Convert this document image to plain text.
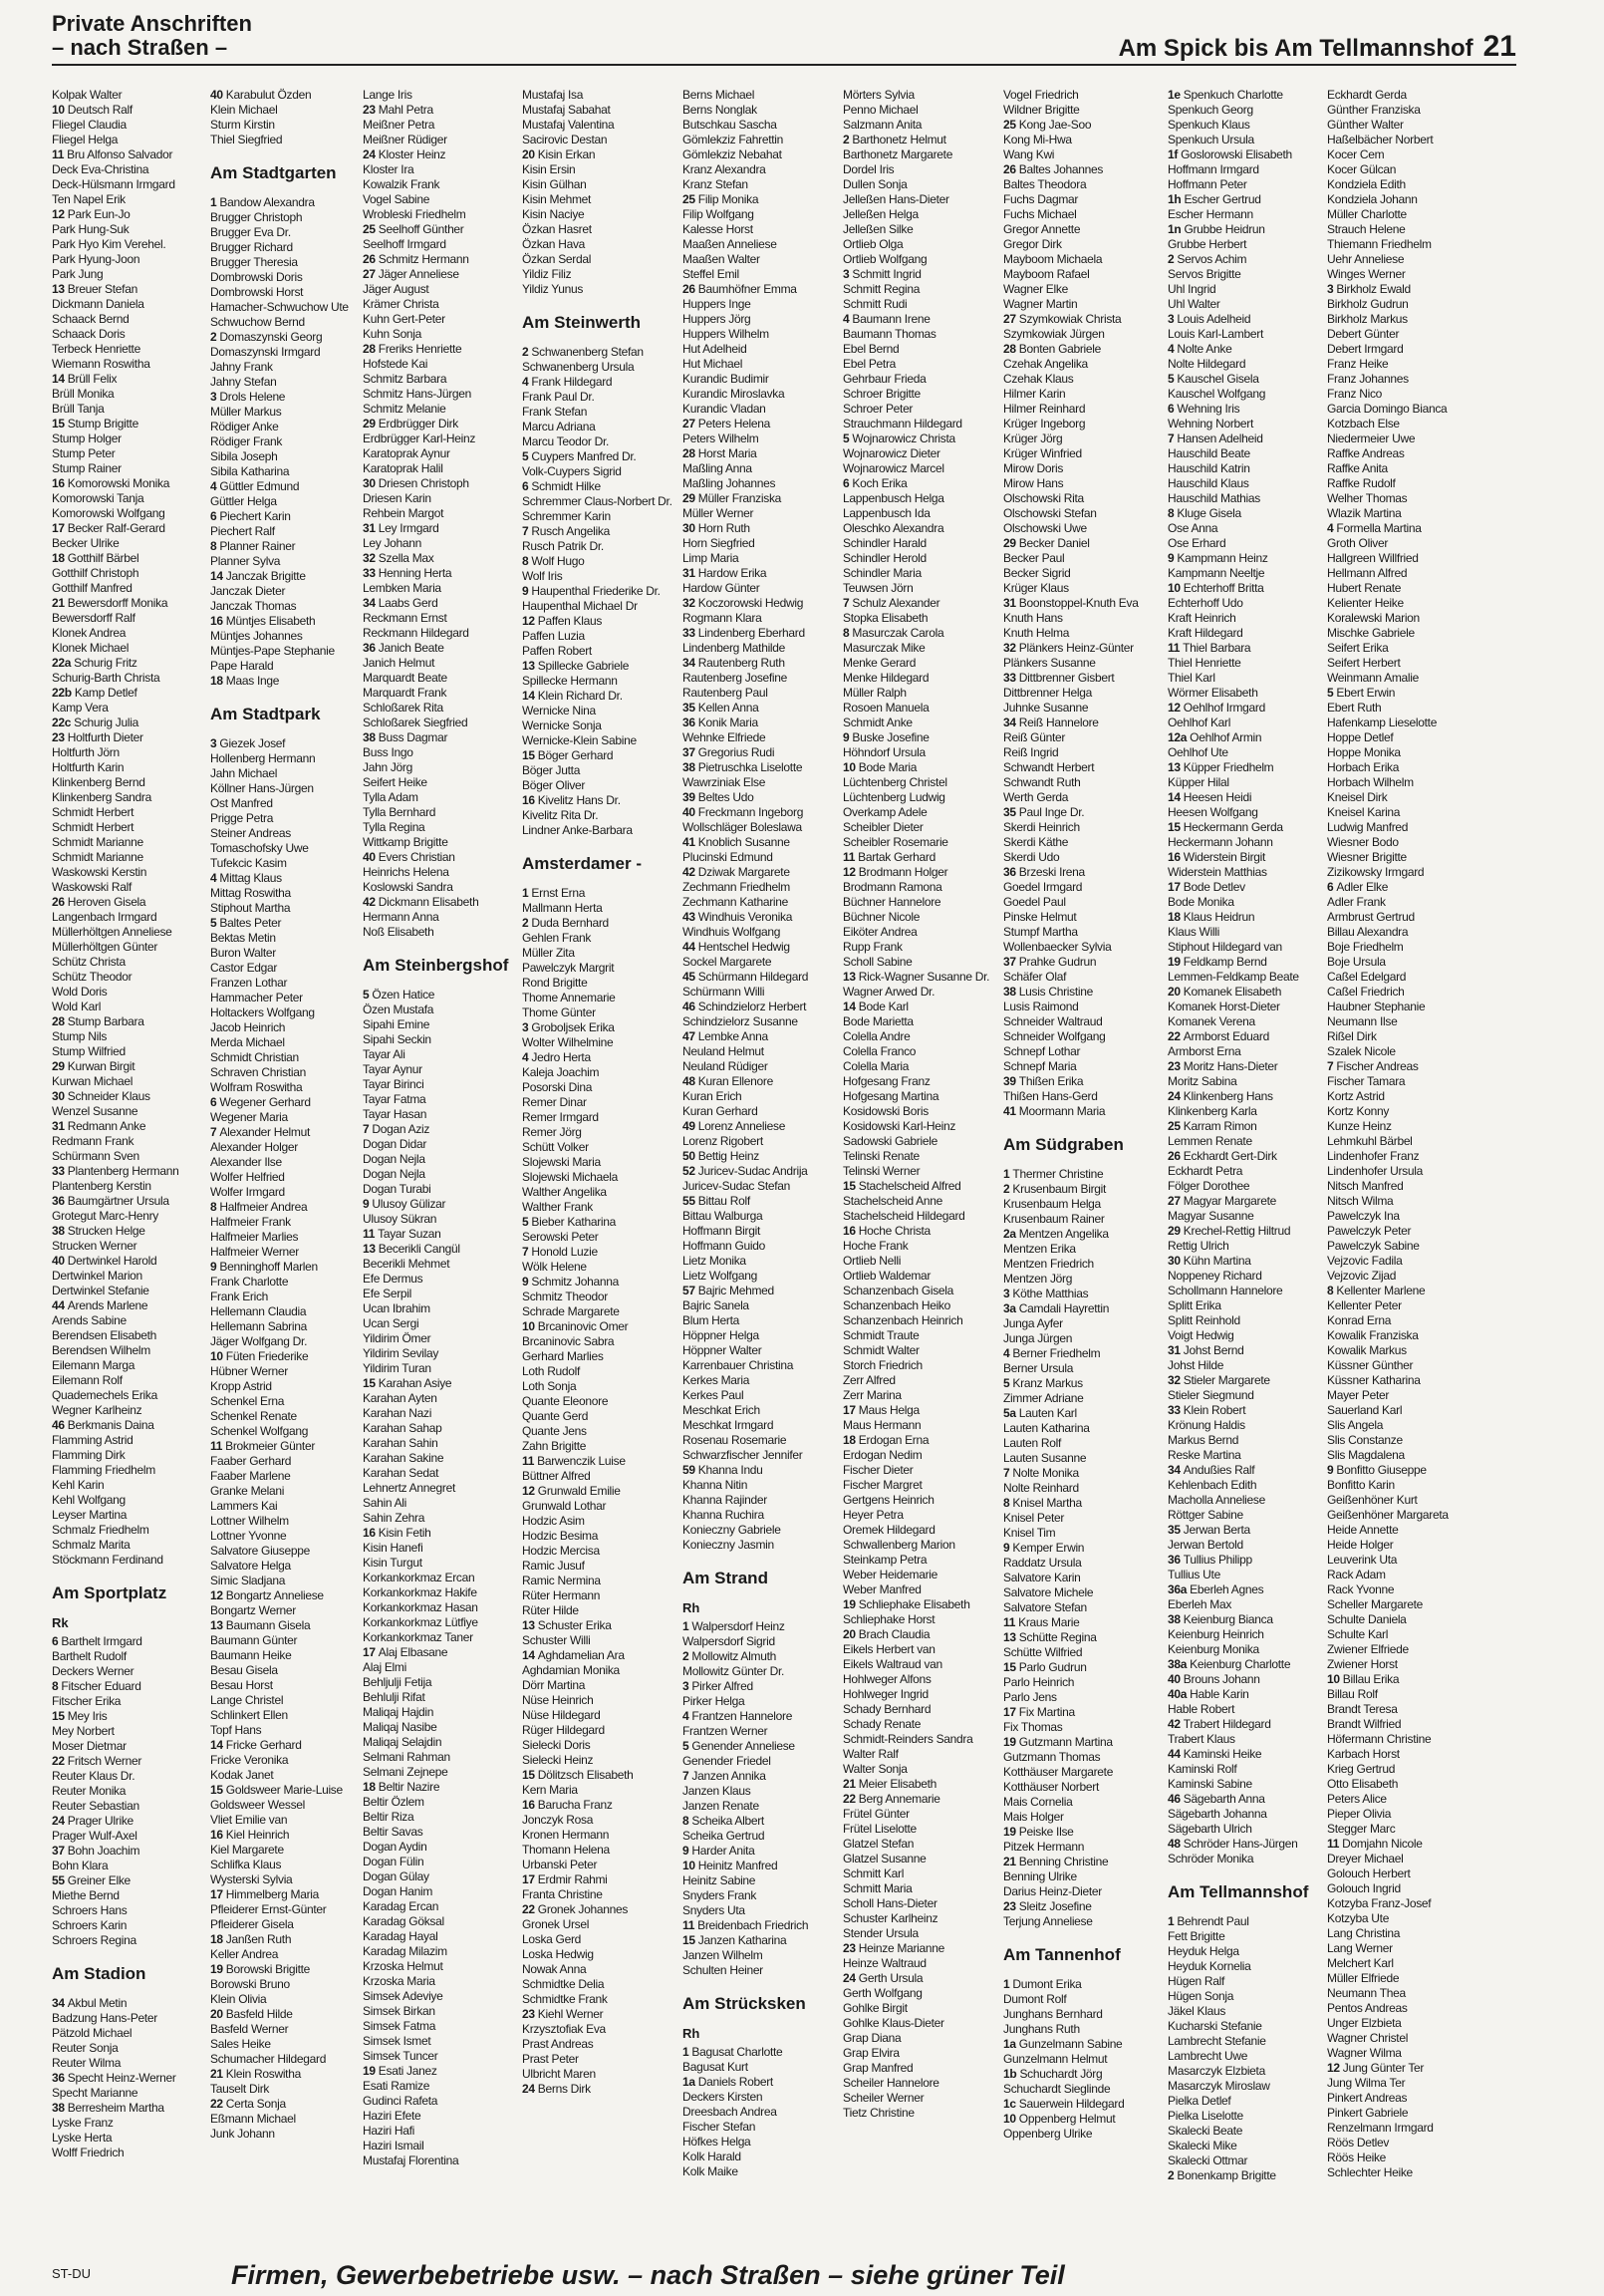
Private Anschriften
– nach Straßen –	Am Spick bis Am Tellmannshof 21
Kolpak Walter
10 Deutsch Ralf
Fliegel Claudia
Fliegel Helga
11 Bru Alfonso Salvador
Deck Eva-Christina
Deck-Hülsmann Irmgard
Ten Napel Erik
12 Park Eun-Jo
Park Hung-Suk
Park Hyo Kim Verehel.
Park Hyung-Joon
Park Jung
13 Breuer Stefan
Dickmann Daniela
Schaack Bernd
Schaack Doris
Terbeck Henriette
Wiemann Roswitha
14 Brüll Felix
Brüll Monika
Brüll Tanja
15 Stump Brigitte
Stump Holger
Stump Peter
Stump Rainer
16 Komorowski Monika
Komorowski Tanja
Komorowski Wolfgang
17 Becker Ralf-Gerard
Becker Ulrike
18 Gotthilf Bärbel
Gotthilf Christoph
Gotthilf Manfred
21 Bewersdorff Monika
Bewersdorff Ralf
Klonek Andrea
Klonek Michael
22a Schurig Fritz
Schurig-Barth Christa
22b Kamp Detlef
Kamp Vera
22c Schurig Julia
23 Holtfurth Dieter
Holtfurth Jörn
Holtfurth Karin
Klinkenberg Bernd
Klinkenberg Sandra
Schmidt Herbert
Schmidt Herbert
Schmidt Marianne
Schmidt Marianne
Waskowski Kerstin
Waskowski Ralf
26 Heroven Gisela
Langenbach Irmgard
Müllerhöltgen Anneliese
Müllerhöltgen Günter
Schütz Christa
Schütz Theodor
Wold Doris
Wold Karl
28 Stump Barbara
Stump Nils
Stump Wilfried
29 Kurwan Birgit
Kurwan Michael
30 Schneider Klaus
Wenzel Susanne
31 Redmann Anke
Redmann Frank
Schürmann Sven
33 Plantenberg Hermann
Plantenberg Kerstin
36 Baumgärtner Ursula
Grotegut Marc-Henry
38 Strucken Helge
Strucken Werner
40 Dertwinkel Harold
Dertwinkel Marion
Dertwinkel Stefanie
44 Arends Marlene
Arends Sabine
Berendsen Elisabeth
Berendsen Wilhelm
Eilemann Marga
Eilemann Rolf
Quademechels Erika
Wegner Karlheinz
46 Berkmanis Daina
Flamming Astrid
Flamming Dirk
Flamming Friedhelm
Kehl Karin
Kehl Wolfgang
Leyser Martina
Schmalz Friedhelm
Schmalz Marita
Stöckmann Ferdinand
Am Sportplatz
Rk
6 Barthelt Irmgard
Barthelt Rudolf
Deckers Werner
8 Fitscher Eduard
Fitscher Erika
15 Mey Iris
Mey Norbert
Moser Dietmar
22 Fritsch Werner
Reuter Klaus Dr.
Reuter Monika
Reuter Sebastian
24 Prager Ulrike
Prager Wulf-Axel
37 Bohn Joachim
Bohn Klara
55 Greiner Elke
Miethe Bernd
Schroers Hans
Schroers Karin
Schroers Regina
Am Stadion
34 Akbul Metin
Badzung Hans-Peter
Pätzold Michael
Reuter Sonja
Reuter Wilma
36 Specht Heinz-Werner
Specht Marianne
38 Berresheim Martha
Lyske Franz
Lyske Herta
Wolff Friedrich
40 Karabulut Özden
Klein Michael
Sturm Kirstin
Thiel Siegfried
Am Stadtgarten
1 Bandow Alexandra
Brugger Christoph
Brugger Eva Dr.
Brugger Richard
Brugger Theresia
Dombrowski Doris
Dombrowski Horst
Hamacher-Schwuchow Ute
Schwuchow Bernd
2 Domaszynski Georg
Domaszynski Irmgard
Jahny Frank
Jahny Stefan
3 Drols Helene
Müller Markus
Rödiger Anke
Rödiger Frank
Sibila Joseph
Sibila Katharina
4 Güttler Edmund
Güttler Helga
6 Piechert Karin
Piechert Ralf
8 Planner Rainer
Planner Sylva
14 Janczak Brigitte
Janczak Dieter
Janczak Thomas
16 Müntjes Elisabeth
Müntjes Johannes
Müntjes-Pape Stephanie
Pape Harald
18 Maas Inge
Am Stadtpark
3 Giezek Josef
Hollenberg Hermann
Jahn Michael
Köllner Hans-Jürgen
Ost Manfred
Prigge Petra
Steiner Andreas
Tomaschofsky Uwe
Tufekcic Kasim
4 Mittag Klaus
Mittag Roswitha
Stiphout Martha
5 Baltes Peter
Bektas Metin
Buron Walter
Castor Edgar
Franzen Lothar
Hammacher Peter
Holtackers Wolfgang
Jacob Heinrich
Merda Michael
Schmidt Christian
Schraven Christian
Wolfram Roswitha
6 Wegener Gerhard
Wegener Maria
7 Alexander Helmut
Alexander Holger
Alexander Ilse
Wolfer Helfried
Wolfer Irmgard
8 Halfmeier Andrea
Halfmeier Frank
Halfmeier Marlies
Halfmeier Werner
9 Benninghoff Marlen
Frank Charlotte
Frank Erich
Hellemann Claudia
Hellemann Sabrina
Jäger Wolfgang Dr.
10 Füten Friederike
Hübner Werner
Kropp Astrid
Schenkel Erna
Schenkel Renate
Schenkel Wolfgang
11 Brokmeier Günter
Faaber Gerhard
Faaber Marlene
Granke Melani
Lammers Kai
Lottner Wilhelm
Lottner Yvonne
Salvatore Giuseppe
Salvatore Helga
Simic Sladjana
12 Bongartz Anneliese
Bongartz Werner
13 Baumann Gisela
Baumann Günter
Baumann Heike
Besau Gisela
Besau Horst
Lange Christel
Schlinkert Ellen
Topf Hans
14 Fricke Gerhard
Fricke Veronika
Kodak Janet
15 Goldsweer Marie-Luise
Goldsweer Wessel
Vliet Emilie van
16 Kiel Heinrich
Kiel Margarete
Schlifka Klaus
Wysterski Sylvia
17 Himmelberg Maria
Pfleiderer Ernst-Günter
Pfleiderer Gisela
18 Janßen Ruth
Keller Andrea
19 Borowski Brigitte
Borowski Bruno
Klein Olivia
20 Basfeld Hilde
Basfeld Werner
Sales Heike
Schumacher Hildegard
21 Klein Roswitha
Tauselt Dirk
22 Certa Sonja
Eßmann Michael
Junk Johann
Lange Iris
23 Mahl Petra
Meißner Petra
Meißner Rüdiger
24 Kloster Heinz
Kloster Ira
Kowalzik Frank
Vogel Sabine
Wrobleski Friedhelm
25 Seelhoff Günther
Seelhoff Irmgard
26 Schmitz Hermann
27 Jäger Anneliese
Jäger August
Krämer Christa
Kuhn Gert-Peter
Kuhn Sonja
28 Freriks Henriette
Hofstede Kai
Schmitz Barbara
Schmitz Hans-Jürgen
Schmitz Melanie
29 Erdbrügger Dirk
Erdbrügger Karl-Heinz
Karatoprak Aynur
Karatoprak Halil
30 Driesen Christoph
Driesen Karin
Rehbein Margot
31 Ley Irmgard
Ley Johann
32 Szella Max
33 Henning Herta
Lembken Maria
34 Laabs Gerd
Reckmann Ernst
Reckmann Hildegard
36 Janich Beate
Janich Helmut
Marquardt Beate
Marquardt Frank
Schloßarek Rita
Schloßarek Siegfried
38 Buss Dagmar
Buss Ingo
Jahn Jörg
Seifert Heike
Tylla Adam
Tylla Bernhard
Tylla Regina
Wittkamp Brigitte
40 Evers Christian
Heinrichs Helena
Koslowski Sandra
42 Dickmann Elisabeth
Hermann Anna
Noß Elisabeth
Am Steinbergshof
5 Özen Hatice
Özen Mustafa
Sipahi Emine
Sipahi Seckin
Tayar Ali
Tayar Aynur
Tayar Birinci
Tayar Fatma
Tayar Hasan
7 Dogan Aziz
Dogan Didar
Dogan Nejla
Dogan Nejla
Dogan Turabi
9 Ulusoy Gülizar
Ulusoy Sükran
11 Tayar Suzan
13 Becerikli Cangül
Becerikli Mehmet
Efe Dermus
Efe Serpil
Ucan Ibrahim
Ucan Sergi
Yildirim Ömer
Yildirim Sevilay
Yildirim Turan
15 Karahan Asiye
Karahan Ayten
Karahan Nazi
Karahan Sahap
Karahan Sahin
Karahan Sakine
Karahan Sedat
Lehnertz Annegret
Sahin Ali
Sahin Zehra
16 Kisin Fetih
Kisin Hanefi
Kisin Turgut
Korkankorkmaz Ercan
Korkankorkmaz Hakife
Korkankorkmaz Hasan
Korkankorkmaz Lütfiye
Korkankorkmaz Taner
17 Alaj Elbasane
Alaj Elmi
Behljulji Fetija
Behlulji Rifat
Maliqaj Hajdin
Maliqaj Nasibe
Maliqaj Selajdin
Selmani Rahman
Selmani Zejnepe
18 Beltir Nazire
Beltir Özlem
Beltir Riza
Beltir Savas
Dogan Aydin
Dogan Fülin
Dogan Gülay
Dogan Hanim
Karadag Ercan
Karadag Göksal
Karadag Hayal
Karadag Milazim
Krzoska Helmut
Krzoska Maria
Simsek Adeviye
Simsek Birkan
Simsek Fatma
Simsek Ismet
Simsek Tuncer
19 Esati Janez
Esati Ramize
Gudinci Rafeta
Haziri Efete
Haziri Hafi
Haziri Ismail
Mustafaj Florentina
Mustafaj Isa
Mustafaj Sabahat
Mustafaj Valentina
Sacirovic Destan
20 Kisin Erkan
Kisin Ersin
Kisin Gülhan
Kisin Mehmet
Kisin Naciye
Özkan Hasret
Özkan Hava
Özkan Serdal
Yildiz Filiz
Yildiz Yunus
Am Steinwerth
2 Schwanenberg Stefan
Schwanenberg Ursula
4 Frank Hildegard
Frank Paul Dr.
Frank Stefan
Marcu Adriana
Marcu Teodor Dr.
5 Cuypers Manfred Dr.
Volk-Cuypers Sigrid
6 Schmidt Hilke
Schremmer Claus-Norbert Dr.
Schremmer Karin
7 Rusch Angelika
Rusch Patrik Dr.
8 Wolf Hugo
Wolf Iris
9 Haupenthal Friederike Dr.
Haupenthal Michael Dr
12 Paffen Klaus
Paffen Luzia
Paffen Robert
13 Spillecke Gabriele
Spillecke Hermann
14 Klein Richard Dr.
Wernicke Nina
Wernicke Sonja
Wernicke-Klein Sabine
15 Böger Gerhard
Böger Jutta
Böger Oliver
16 Kivelitz Hans Dr.
Kivelitz Rita Dr.
Lindner Anke-Barbara
Amsterdamer -
1 Ernst Erna
Mallmann Herta
2 Duda Bernhard
Gehlen Frank
Müller Zita
Pawelczyk Margrit
Rond Brigitte
Thome Annemarie
Thome Günter
3 Groboljsek Erika
Wolter Wilhelmine
4 Jedro Herta
Kaleja Joachim
Posorski Dina
Remer Dinar
Remer Irmgard
Remer Jörg
Schütt Volker
Slojewski Maria
Slojewski Michaela
Walther Angelika
Walther Frank
5 Bieber Katharina
Serowski Peter
7 Honold Luzie
Wölk Helene
9 Schmitz Johanna
Schmitz Theodor
Schrade Margarete
10 Brcaninovic Omer
Brcaninovic Sabra
Gerhard Marlies
Loth Rudolf
Loth Sonja
Quante Eleonore
Quante Gerd
Quante Jens
Zahn Brigitte
11 Barwenczik Luise
Büttner Alfred
12 Grunwald Emilie
Grunwald Lothar
Hodzic Asim
Hodzic Besima
Hodzic Mercisa
Ramic Jusuf
Ramic Nermina
Rüter Hermann
Rüter Hilde
13 Schuster Erika
Schuster Willi
14 Aghdamelian Ara
Aghdamian Monika
Dörr Martina
Nüse Heinrich
Nüse Hildegard
Rüger Hildegard
Sielecki Doris
Sielecki Heinz
15 Dölitzsch Elisabeth
Kern Maria
16 Barucha Franz
Jonczyk Rosa
Kronen Hermann
Thomann Helena
Urbanski Peter
17 Erdmir Rahmi
Franta Christine
22 Gronek Johannes
Gronek Ursel
Loska Gerd
Loska Hedwig
Nowak Anna
Schmidtke Delia
Schmidtke Frank
23 Kiehl Werner
Krzysztofiak Eva
Prast Andreas
Prast Peter
Ulbricht Maren
24 Berns Dirk
Berns Michael
Berns Nonglak
Butschkau Sascha
Gömlekziz Fahrettin
Gömlekziz Nebahat
Kranz Alexandra
Kranz Stefan
25 Filip Monika
Filip Wolfgang
Kalesse Horst
Maaßen Anneliese
Maaßen Walter
Steffel Emil
26 Baumhöfner Emma
Huppers Inge
Huppers Jörg
Huppers Wilhelm
Hut Adelheid
Hut Michael
Kurandic Budimir
Kurandic Miroslavka
Kurandic Vladan
27 Peters Helena
Peters Wilhelm
28 Horst Maria
Maßling Anna
Maßling Johannes
29 Müller Franziska
Müller Werner
30 Horn Ruth
Horn Siegfried
Limp Maria
31 Hardow Erika
Hardow Günter
32 Koczorowski Hedwig
Rogmann Klara
33 Lindenberg Eberhard
Lindenberg Mathilde
34 Rautenberg Ruth
Rautenberg Josefine
Rautenberg Paul
35 Kellen Anna
36 Konik Maria
Wehnke Elfriede
37 Gregorius Rudi
38 Pietruschka Liselotte
Wawrziniak Else
39 Beltes Udo
40 Freckmann Ingeborg
Wollschläger Boleslawa
41 Knoblich Susanne
Plucinski Edmund
42 Dziwak Margarete
Zechmann Friedhelm
Zechmann Katharine
43 Windhuis Veronika
Windhuis Wolfgang
44 Hentschel Hedwig
Sockel Margarete
45 Schürmann Hildegard
Schürmann Willi
46 Schindzielorz Herbert
Schindzielorz Susanne
47 Lembke Anna
Neuland Helmut
Neuland Rüdiger
48 Kuran Ellenore
Kuran Erich
Kuran Gerhard
49 Lorenz Anneliese
Lorenz Rigobert
50 Bettig Heinz
52 Juricev-Sudac Andrija
Juricev-Sudac Stefan
55 Bittau Rolf
Bittau Walburga
Hoffmann Birgit
Hoffmann Guido
Lietz Monika
Lietz Wolfgang
57 Bajric Mehmed
Bajric Sanela
Blum Herta
Höppner Helga
Höppner Walter
Karrenbauer Christina
Kerkes Maria
Kerkes Paul
Meschkat Erich
Meschkat Irmgard
Rosenau Rosemarie
Schwarzfischer Jennifer
59 Khanna Indu
Khanna Nitin
Khanna Rajinder
Khanna Ruchira
Konieczny Gabriele
Konieczny Jasmin
Am Strand
Rh
1 Walpersdorf Heinz
Walpersdorf Sigrid
2 Mollowitz Almuth
Mollowitz Günter Dr.
3 Pirker Alfred
Pirker Helga
4 Frantzen Hannelore
Frantzen Werner
5 Genender Anneliese
Genender Friedel
7 Janzen Annika
Janzen Klaus
Janzen Renate
8 Scheika Albert
Scheika Gertrud
9 Harder Anita
10 Heinitz Manfred
Heinitz Sabine
Snyders Frank
Snyders Uta
11 Breidenbach Friedrich
15 Janzen Katharina
Janzen Wilhelm
Schulten Heiner
Am Strücksken
Rh
1 Bagusat Charlotte
Bagusat Kurt
1a Daniels Robert
Deckers Kirsten
Dreesbach Andrea
Fischer Stefan
Höfkes Helga
Kolk Harald
Kolk Maike
Mörters Sylvia
Penno Michael
Salzmann Anita
2 Barthonetz Helmut
Barthonetz Margarete
Dordel Iris
Dullen Sonja
Jelleßen Hans-Dieter
Jelleßen Helga
Jelleßen Silke
Ortlieb Olga
Ortlieb Wolfgang
3 Schmitt Ingrid
Schmitt Regina
Schmitt Rudi
4 Baumann Irene
Baumann Thomas
Ebel Bernd
Ebel Petra
Gehrbaur Frieda
Schroer Brigitte
Schroer Peter
Strauchmann Hildegard
5 Wojnarowicz Christa
Wojnarowicz Dieter
Wojnarowicz Marcel
6 Koch Erika
Lappenbusch Helga
Lappenbusch Ida
Oleschko Alexandra
Schindler Harald
Schindler Herold
Schindler Maria
Teuwsen Jörn
7 Schulz Alexander
Stopka Elisabeth
8 Masurczak Carola
Masurczak Mike
Menke Gerard
Menke Hildegard
Müller Ralph
Rosoen Manuela
Schmidt Anke
9 Buske Josefine
Höhndorf Ursula
10 Bode Maria
Lüchtenberg Christel
Lüchtenberg Ludwig
Overkamp Adele
Scheibler Dieter
Scheibler Rosemarie
11 Bartak Gerhard
12 Brodmann Holger
Brodmann Ramona
Büchner Hannelore
Büchner Nicole
Eiköter Andrea
Rupp Frank
Scholl Sabine
13 Rick-Wagner Susanne Dr.
Wagner Arwed Dr.
14 Bode Karl
Bode Marietta
Colella Andre
Colella Franco
Colella Maria
Hofgesang Franz
Hofgesang Martina
Kosidowski Boris
Kosidowski Karl-Heinz
Sadowski Gabriele
Telinski Renate
Telinski Werner
15 Stachelscheid Alfred
Stachelscheid Anne
Stachelscheid Hildegard
16 Hoche Christa
Hoche Frank
Ortlieb Nelli
Ortlieb Waldemar
Schanzenbach Gisela
Schanzenbach Heiko
Schanzenbach Heinrich
Schmidt Traute
Schmidt Walter
Storch Friedrich
Zerr Alfred
Zerr Marina
17 Maus Helga
Maus Hermann
18 Erdogan Erna
Erdogan Nedim
Fischer Dieter
Fischer Margret
Gertgens Heinrich
Heyer Petra
Oremek Hildegard
Schwallenberg Marion
Steinkamp Petra
Weber Heidemarie
Weber Manfred
19 Schliephake Elisabeth
Schliephake Horst
20 Brach Claudia
Eikels Herbert van
Eikels Waltraud van
Hohlweger Alfons
Hohlweger Ingrid
Schady Bernhard
Schady Renate
Schmidt-Reinders Sandra
Walter Ralf
Walter Sonja
21 Meier Elisabeth
22 Berg Annemarie
Frütel Günter
Frütel Liselotte
Glatzel Stefan
Glatzel Susanne
Schmitt Karl
Schmitt Maria
Scholl Hans-Dieter
Schuster Karlheinz
Stender Ursula
23 Heinze Marianne
Heinze Waltraud
24 Gerth Ursula
Gerth Wolfgang
Gohlke Birgit
Gohlke Klaus-Dieter
Grap Diana
Grap Elvira
Grap Manfred
Scheiler Hannelore
Scheiler Werner
Tietz Christine
Vogel Friedrich
Wildner Brigitte
25 Kong Jae-Soo
Kong Mi-Hwa
Wang Kwi
26 Baltes Johannes
Baltes Theodora
Fuchs Dagmar
Fuchs Michael
Gregor Annette
Gregor Dirk
Mayboom Michaela
Mayboom Rafael
Wagner Elke
Wagner Martin
27 Szymkowiak Christa
Szymkowiak Jürgen
28 Bonten Gabriele
Czehak Angelika
Czehak Klaus
Hilmer Karin
Hilmer Reinhard
Krüger Ingeborg
Krüger Jörg
Krüger Winfried
Mirow Doris
Mirow Hans
Olschowski Rita
Olschowski Stefan
Olschowski Uwe
29 Becker Daniel
Becker Paul
Becker Sigrid
Krüger Klaus
31 Boonstoppel-Knuth Eva
Knuth Hans
Knuth Helma
32 Plänkers Heinz-Günter
Plänkers Susanne
33 Dittbrenner Gisbert
Dittbrenner Helga
Juhnke Susanne
34 Reiß Hannelore
Reiß Günter
Reiß Ingrid
Schwandt Herbert
Schwandt Ruth
Werth Gerda
35 Paul Inge Dr.
Skerdi Heinrich
Skerdi Käthe
Skerdi Udo
36 Brzeski Irena
Goedel Irmgard
Goedel Paul
Pinske Helmut
Stumpf Martha
Wollenbaecker Sylvia
37 Prahke Gudrun
Schäfer Olaf
38 Lusis Christine
Lusis Raimond
Schneider Waltraud
Schneider Wolfgang
Schnepf Lothar
Schnepf Maria
39 Thißen Erika
Thißen Hans-Gerd
41 Moormann Maria
Am Südgraben
1 Thermer Christine
2 Krusenbaum Birgit
Krusenbaum Helga
Krusenbaum Rainer
2a Mentzen Angelika
Mentzen Erika
Mentzen Friedrich
Mentzen Jörg
3 Köthe Matthias
3a Camdali Hayrettin
Junga Ayfer
Junga Jürgen
4 Berner Friedhelm
Berner Ursula
5 Kranz Markus
Zimmer Adriane
5a Lauten Karl
Lauten Katharina
Lauten Rolf
Lauten Susanne
7 Nolte Monika
Nolte Reinhard
8 Knisel Martha
Knisel Peter
Knisel Tim
9 Kemper Erwin
Raddatz Ursula
Salvatore Karin
Salvatore Michele
Salvatore Stefan
11 Kraus Marie
13 Schütte Regina
Schütte Wilfried
15 Parlo Gudrun
Parlo Heinrich
Parlo Jens
17 Fix Martina
Fix Thomas
19 Gutzmann Martina
Gutzmann Thomas
Kotthäuser Margarete
Kotthäuser Norbert
Mais Cornelia
Mais Holger
19 Peiske Ilse
Pitzek Hermann
21 Benning Christine
Benning Ulrike
Darius Heinz-Dieter
23 Sleitz Josefine
Terjung Anneliese
Am Tannenhof
1 Dumont Erika
Dumont Rolf
Junghans Bernhard
Junghans Ruth
1a Gunzelmann Sabine
Gunzelmann Helmut
1b Schuchardt Jörg
Schuchardt Sieglinde
1c Sauerwein Hildegard
10 Oppenberg Helmut
Oppenberg Ulrike
1e Spenkuch Charlotte
Spenkuch Georg
Spenkuch Klaus
Spenkuch Ursula
1f Goslorowski Elisabeth
Hoffmann Irmgard
Hoffmann Peter
1h Escher Gertrud
Escher Hermann
1n Grubbe Heidrun
Grubbe Herbert
2 Servos Achim
Servos Brigitte
Uhl Ingrid
Uhl Walter
3 Louis Adelheid
Louis Karl-Lambert
4 Nolte Anke
Nolte Hildegard
5 Kauschel Gisela
Kauschel Wolfgang
6 Wehning Iris
Wehning Norbert
7 Hansen Adelheid
Hauschild Beate
Hauschild Katrin
Hauschild Klaus
Hauschild Mathias
8 Kluge Gisela
Ose Anna
Ose Erhard
9 Kampmann Heinz
Kampmann Neeltje
10 Echterhoff Britta
Echterhoff Udo
Kraft Heinrich
Kraft Hildegard
11 Thiel Barbara
Thiel Henriette
Thiel Karl
Wörmer Elisabeth
12 Oehlhof Irmgard
Oehlhof Karl
12a Oehlhof Armin
Oehlhof Ute
13 Küpper Friedhelm
Küpper Hilal
14 Heesen Heidi
Heesen Wolfgang
15 Heckermann Gerda
Heckermann Johann
16 Widerstein Birgit
Widerstein Matthias
17 Bode Detlev
Bode Monika
18 Klaus Heidrun
Klaus Willi
Stiphout Hildegard van
19 Feldkamp Bernd
Lemmen-Feldkamp Beate
20 Komanek Elisabeth
Komanek Horst-Dieter
Komanek Verena
22 Armborst Eduard
Armborst Erna
23 Moritz Hans-Dieter
Moritz Sabina
24 Klinkenberg Hans
Klinkenberg Karla
25 Karram Rimon
Lemmen Renate
26 Eckhardt Gert-Dirk
Eckhardt Petra
Fölger Dorothee
27 Magyar Margarete
Magyar Susanne
29 Krechel-Rettig Hiltrud
Rettig Ulrich
30 Kühn Martina
Noppeney Richard
Schollmann Hannelore
Splitt Erika
Splitt Reinhold
Voigt Hedwig
31 Johst Bernd
Johst Hilde
32 Stieler Margarete
Stieler Siegmund
33 Klein Robert
Krönung Haldis
Markus Bernd
Reske Martina
34 Andußies Ralf
Kehlenbach Edith
Macholla Anneliese
Röttger Sabine
35 Jerwan Berta
Jerwan Bertold
36 Tullius Philipp
Tullius Ute
36a Eberleh Agnes
Eberleh Max
38 Keienburg Bianca
Keienburg Heinrich
Keienburg Monika
38a Keienburg Charlotte
40 Brouns Johann
40a Hable Karin
Hable Robert
42 Trabert Hildegard
Trabert Klaus
44 Kaminski Heike
Kaminski Rolf
Kaminski Sabine
46 Sägebarth Anna
Sägebarth Johanna
Sägebarth Ulrich
48 Schröder Hans-Jürgen
Schröder Monika
Am Tellmannshof
1 Behrendt Paul
Fett Brigitte
Heyduk Helga
Heyduk Kornelia
Hügen Ralf
Hügen Sonja
Jäkel Klaus
Kucharski Stefanie
Lambrecht Stefanie
Lambrecht Uwe
Masarczyk Elzbieta
Masarczyk Miroslaw
Pielka Detlef
Pielka Liselotte
Skalecki Beate
Skalecki Mike
Skalecki Ottmar
2 Bonenkamp Brigitte
Eckhardt Gerda
Günther Franziska
Günther Walter
Haßelbächer Norbert
Kocer Cem
Kocer Gülcan
Kondziela Edith
Kondziela Johann
Müller Charlotte
Strauch Helene
Thiemann Friedhelm
Uehr Anneliese
Winges Werner
3 Birkholz Ewald
Birkholz Gudrun
Birkholz Markus
Debert Günter
Debert Irmgard
Franz Heike
Franz Johannes
Franz Nico
Garcia Domingo Bianca
Kotzbach Else
Niedermeier Uwe
Raffke Andreas
Raffke Anita
Raffke Rudolf
Welher Thomas
Wlazik Martina
4 Formella Martina
Groth Oliver
Hallgreen Willfried
Hellmann Alfred
Hubert Renate
Kelienter Heike
Koralewski Marion
Mischke Gabriele
Seifert Erika
Seifert Herbert
Weinmann Amalie
5 Ebert Erwin
Ebert Ruth
Hafenkamp Lieselotte
Hoppe Detlef
Hoppe Monika
Horbach Erika
Horbach Wilhelm
Kneisel Dirk
Kneisel Karina
Ludwig Manfred
Wiesner Bodo
Wiesner Brigitte
Zizikowsky Irmgard
6 Adler Elke
Adler Frank
Armbrust Gertrud
Billau Alexandra
Boje Friedhelm
Boje Ursula
Caßel Edelgard
Caßel Friedrich
Haubner Stephanie
Neumann Ilse
Rißel Dirk
Szalek Nicole
7 Fischer Andreas
Fischer Tamara
Kortz Astrid
Kortz Konny
Kunze Heinz
Lehmkuhl Bärbel
Lindenhofer Franz
Lindenhofer Ursula
Nitsch Manfred
Nitsch Wilma
Pawelczyk Ina
Pawelczyk Peter
Pawelczyk Sabine
Vejzovic Fadila
Vejzovic Zijad
8 Kellenter Marlene
Kellenter Peter
Konrad Erna
Kowalik Franziska
Kowalik Markus
Küssner Günther
Küssner Katharina
Mayer Peter
Sauerland Karl
Slis Angela
Slis Constanze
Slis Magdalena
9 Bonfitto Giuseppe
Bonfitto Karin
Geißenhöner Kurt
Geißenhöner Margareta
Heide Annette
Heide Holger
Leuverink Uta
Rack Adam
Rack Yvonne
Scheller Margarete
Schulte Daniela
Schulte Karl
Zwiener Elfriede
Zwiener Horst
10 Billau Erika
Billau Rolf
Brandt Teresa
Brandt Wilfried
Höfermann Christine
Karbach Horst
Krieg Gertrud
Otto Elisabeth
Peters Alice
Pieper Olivia
Stegger Marc
11 Domjahn Nicole
Dreyer Michael
Golouch Herbert
Golouch Ingrid
Kotzyba Franz-Josef
Kotzyba Ute
Lang Christina
Lang Werner
Melchert Karl
Müller Elfriede
Neumann Thea
Pentos Andreas
Unger Elzbieta
Wagner Christel
Wagner Wilma
12 Jung Günter Ter
Jung Wilma Ter
Pinkert Andreas
Pinkert Gabriele
Renzelmann Irmgard
Röös Detlev
Röös Heike
Schlechter Heike

ST-DU	Firmen, Gewerbebetriebe usw. – nach Straßen – siehe grüner Teil
